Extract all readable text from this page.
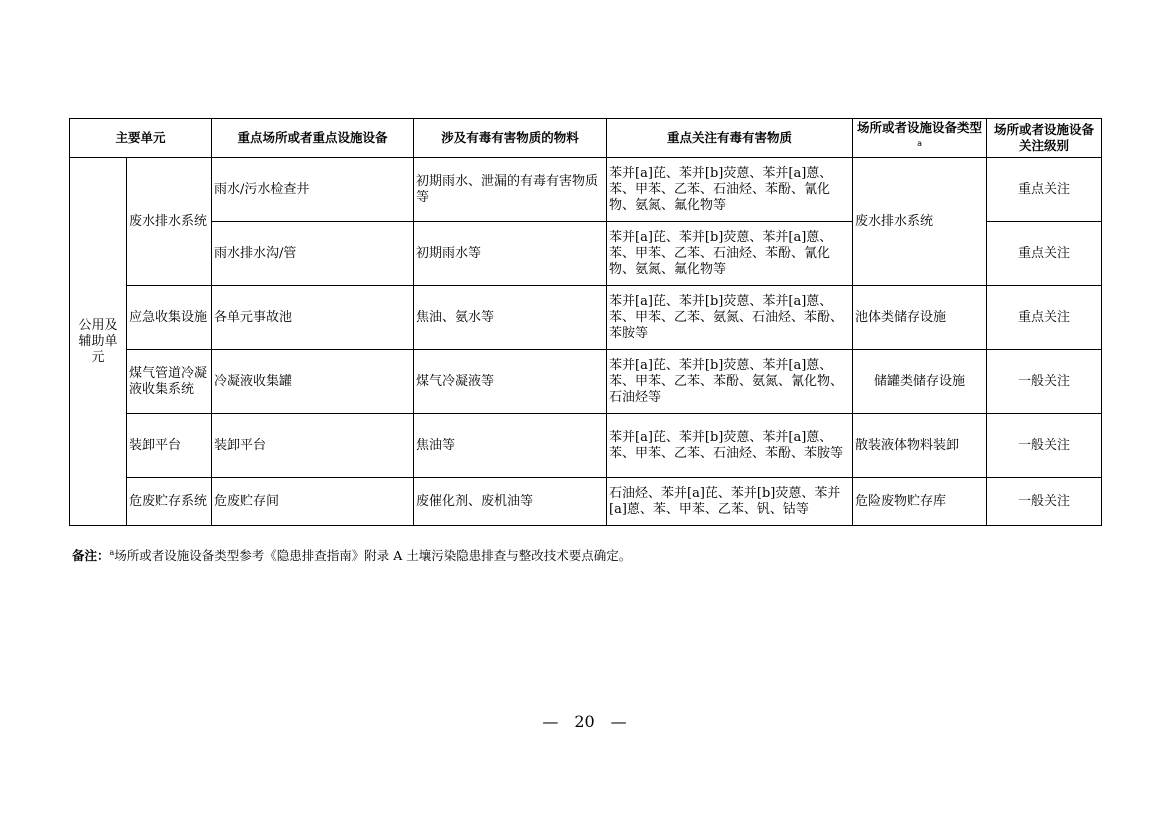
主要单元		重点场所或者重点设施设备	涉及有毒有害物质的物料	重点关注有毒有害物质	场所或者设施设备类型 $^a$	场所或者设施设备关注级别
公用及辅助单元	废水排水系统	雨水/污水检查井	初期雨水、泄漏的有毒有害物质等	苯并[a]芘、苯并[b]荧蒽、苯并[a]蒽、苯、甲苯、乙苯、石油烃、苯酚、氰化物、氨氮、氟化物等	废水排水系统	重点关注
		雨水排水沟/管	初期雨水等	苯并[a]芘、苯并[b]荧蒽、苯并[a]蒽、苯、甲苯、乙苯、石油烃、苯酚、氰化物、氨氮、氟化物等		重点关注
	应急收集设施	各单元事故池	焦油、氨水等	苯并[a]芘、苯并[b]荧蒽、苯并[a]蒽、苯、甲苯、乙苯、氨氮、石油烃、苯酚、苯胺等	池体类储存设施	重点关注
	煤气管道冷凝液收集系统	冷凝液收集罐	煤气冷凝液等	苯并[a]芘、苯并[b]荧蒽、苯并[a]蒽、苯、甲苯、乙苯、苯酚、氨氮、氰化物、石油烃等	储罐类储存设施	一般关注
	装卸平台	装卸平台	焦油等	苯并[a]芘、苯并[b]荧蒽、苯并[a]蒽、苯、甲苯、乙苯、石油烃、苯酚、苯胺等	散装液体物料装卸	一般关注
	危废贮存系统	危废贮存间	废催化剂、废机油等	石油烃、苯并[a]芘、苯并[b]荧蒽、苯并[a]蒽、苯、甲苯、乙苯、钒、钴等	危险废物贮存库	一般关注
备注：$^a$场所或者设施设备类型参考《隐患排查指南》附录 A 土壤污染隐患排查与整改技术要点确定。
—　20　—
